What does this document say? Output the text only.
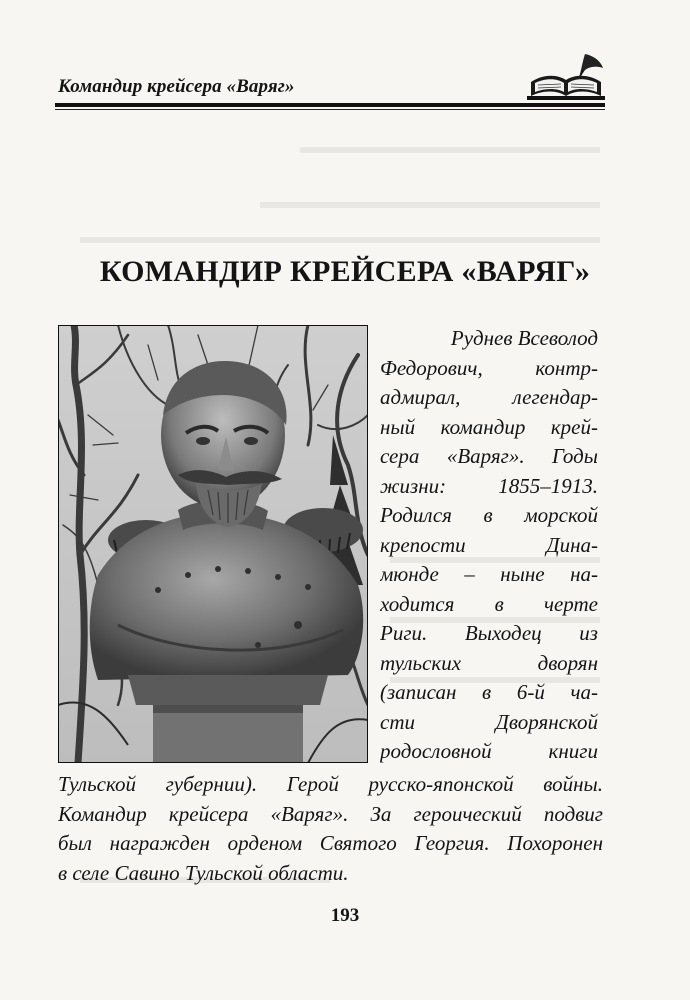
Командир крейсера «Варяг»
КОМАНДИР КРЕЙСЕРА «ВАРЯГ»
Руднев Всеволод
Федорович, контр-
адмирал, легендар-
ный командир крей-
сера «Варяг». Годы
жизни: 1855–1913.
Родился в морской
крепости Дина-
мюнде – ныне на-
ходится в черте
Риги. Выходец из
тульских дворян
(записан в 6-й ча-
сти Дворянской
родословной книги
Тульской губернии). Герой русско-японской войны.
Командир крейсера «Варяг». За героический подвиг
был награжден орденом Святого Георгия. Похоронен
в селе Савино Тульской области.
193
